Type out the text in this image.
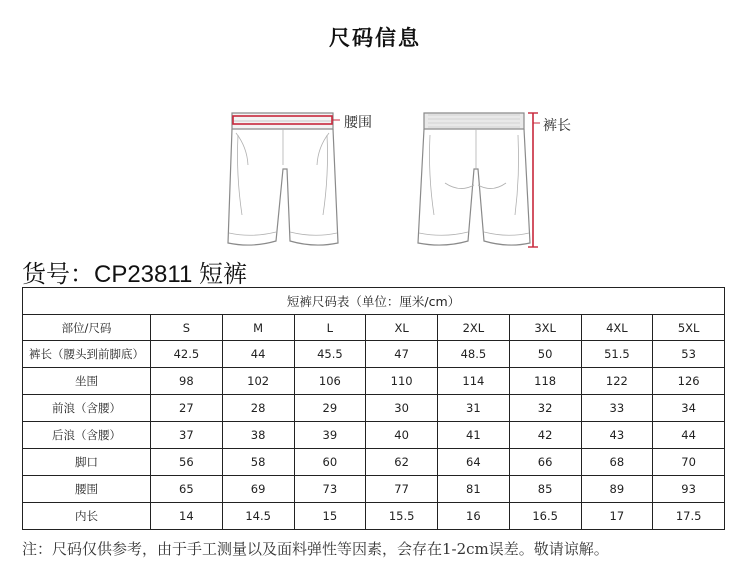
尺码信息
腰围	裤长
货号：CP23811 短裤
短裤尺码表（单位：厘米/cm）								
部位/尺码	S	M	L	XL	2XL	3XL	4XL	5XL
裤长（腰头到前脚底）	42.5	44	45.5	47	48.5	50	51.5	53
坐围	98	102	106	110	114	118	122	126
前浪（含腰）	27	28	29	30	31	32	33	34
后浪（含腰）	37	38	39	40	41	42	43	44
脚口	56	58	60	62	64	66	68	70
腰围	65	69	73	77	81	85	89	93
内长	14	14.5	15	15.5	16	16.5	17	17.5
注：尺码仅供参考，由于手工测量以及面料弹性等因素，会存在1-2cm误差。敬请谅解。
